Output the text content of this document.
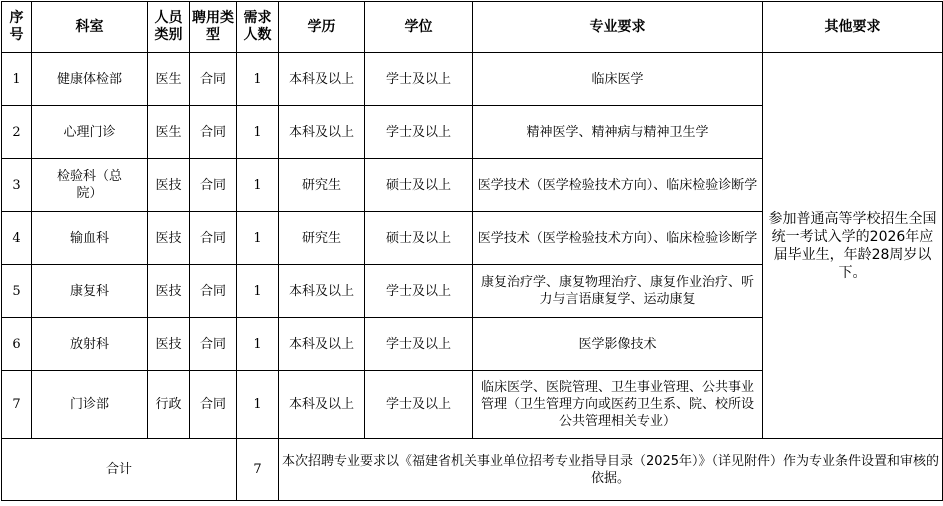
序号	科室	人员类别	聘用类型	需求人数	学历	学位	专业要求	其他要求
1	健康体检部	医生	合同	1	本科及以上	学士及以上	临床医学	参加普通高等学校招生全国统一考试入学的2026年应届毕业生，年龄28周岁以下。
2	心理门诊	医生	合同	1	本科及以上	学士及以上	精神医学、精神病与精神卫生学	
3	检验科（总院）	医技	合同	1	研究生	硕士及以上	医学技术（医学检验技术方向）、临床检验诊断学	
4	输血科	医技	合同	1	研究生	硕士及以上	医学技术（医学检验技术方向）、临床检验诊断学	
5	康复科	医技	合同	1	本科及以上	学士及以上	康复治疗学、康复物理治疗、康复作业治疗、听力与言语康复学、运动康复	
6	放射科	医技	合同	1	本科及以上	学士及以上	医学影像技术	
7	门诊部	行政	合同	1	本科及以上	学士及以上	临床医学、医院管理、卫生事业管理、公共事业管理（卫生管理方向或医药卫生系、院、校所设公共管理相关专业）	
合计				7	本次招聘专业要求以《福建省机关事业单位招考专业指导目录（2025年）》（详见附件）作为专业条件设置和审核的依据。			
